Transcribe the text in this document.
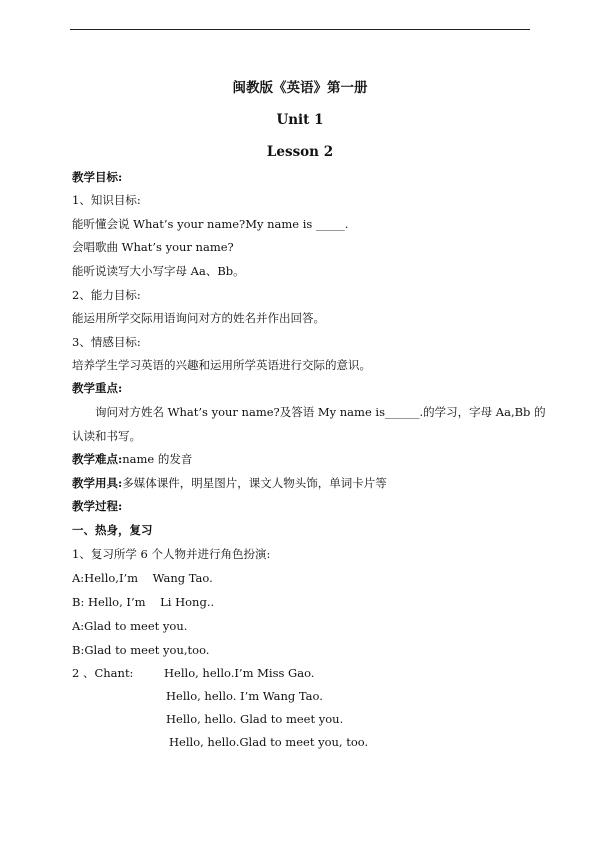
闽教版《英语》第一册
Unit 1
Lesson 2
教学目标:
1、知识目标:
能听懂会说 What’s your name?My name is _____.
会唱歌曲 What’s your name?
能听说读写大小写字母 Aa、Bb。
2、能力目标:
能运用所学交际用语询问对方的姓名并作出回答。
3、情感目标:
培养学生学习英语的兴趣和运用所学英语进行交际的意识。
教学重点:
询问对方姓名 What’s your name?及答语 My name is______.的学习，字母 Aa,Bb 的
认读和书写。
教学难点:name 的发音
教学用具:多媒体课件，明星图片，课文人物头饰，单词卡片等
教学过程:
一、热身，复习
1、复习所学 6 个人物并进行角色扮演:
A:Hello,I’m    Wang Tao.
B: Hello, I’m    Li Hong..
A:Glad to meet you.
B:Glad to meet you,too.
2 、Chant:	Hello, hello.I’m Miss Gao.
Hello, hello. I’m Wang Tao.
Hello, hello. Glad to meet you.
Hello, hello.Glad to meet you, too.
